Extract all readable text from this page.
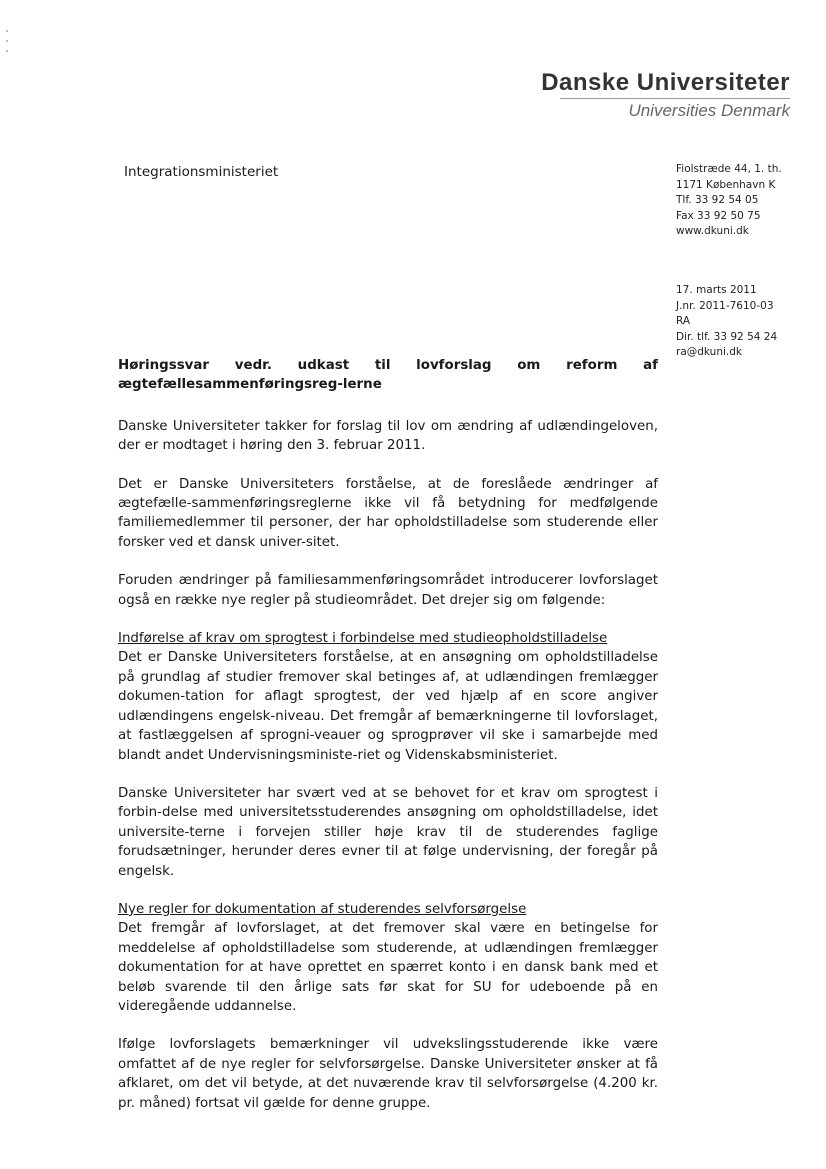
Danske Universiteter
Universities Denmark
Integrationsministeriet	Fiolstræde 44, 1. th.
1171 København K
Tlf. 33 92 54 05
Fax 33 92 50 75
www.dkuni.dk
17. marts 2011
J.nr. 2011-7610-03
RA
Dir. tlf. 33 92 54 24
ra@dkuni.dk
Høringssvar vedr. udkast til lovforslag om reform af ægtefællesammenføringsreg-lerne

Danske Universiteter takker for forslag til lov om ændring af udlændingeloven, der er modtaget i høring den 3. februar 2011.

Det er Danske Universiteters forståelse, at de foreslåede ændringer af ægtefælle-sammenføringsreglerne ikke vil få betydning for medfølgende familiemedlemmer til personer, der har opholdstilladelse som studerende eller forsker ved et dansk univer-sitet.

Foruden ændringer på familiesammenføringsområdet introducerer lovforslaget også en række nye regler på studieområdet. Det drejer sig om følgende:

Indførelse af krav om sprogtest i forbindelse med studieopholdstilladelse
Det er Danske Universiteters forståelse, at en ansøgning om opholdstilladelse på grundlag af studier fremover skal betinges af, at udlændingen fremlægger dokumen-tation for aflagt sprogtest, der ved hjælp af en score angiver udlændingens engelsk-niveau. Det fremgår af bemærkningerne til lovforslaget, at fastlæggelsen af sprogni-veauer og sprogprøver vil ske i samarbejde med blandt andet Undervisningsministe-riet og Videnskabsministeriet.

Danske Universiteter har svært ved at se behovet for et krav om sprogtest i forbin-delse med universitetsstuderendes ansøgning om opholdstilladelse, idet universite-terne i forvejen stiller høje krav til de studerendes faglige forudsætninger, herunder deres evner til at følge undervisning, der foregår på engelsk.

Nye regler for dokumentation af studerendes selvforsørgelse
Det fremgår af lovforslaget, at det fremover skal være en betingelse for meddelelse af opholdstilladelse som studerende, at udlændingen fremlægger dokumentation for at have oprettet en spærret konto i en dansk bank med et beløb svarende til den årlige sats før skat for SU for udeboende på en videregående uddannelse.

Ifølge lovforslagets bemærkninger vil udvekslingsstuderende ikke være omfattet af de nye regler for selvforsørgelse. Danske Universiteter ønsker at få afklaret, om det vil betyde, at det nuværende krav til selvforsørgelse (4.200 kr. pr. måned) fortsat vil gælde for denne gruppe.
